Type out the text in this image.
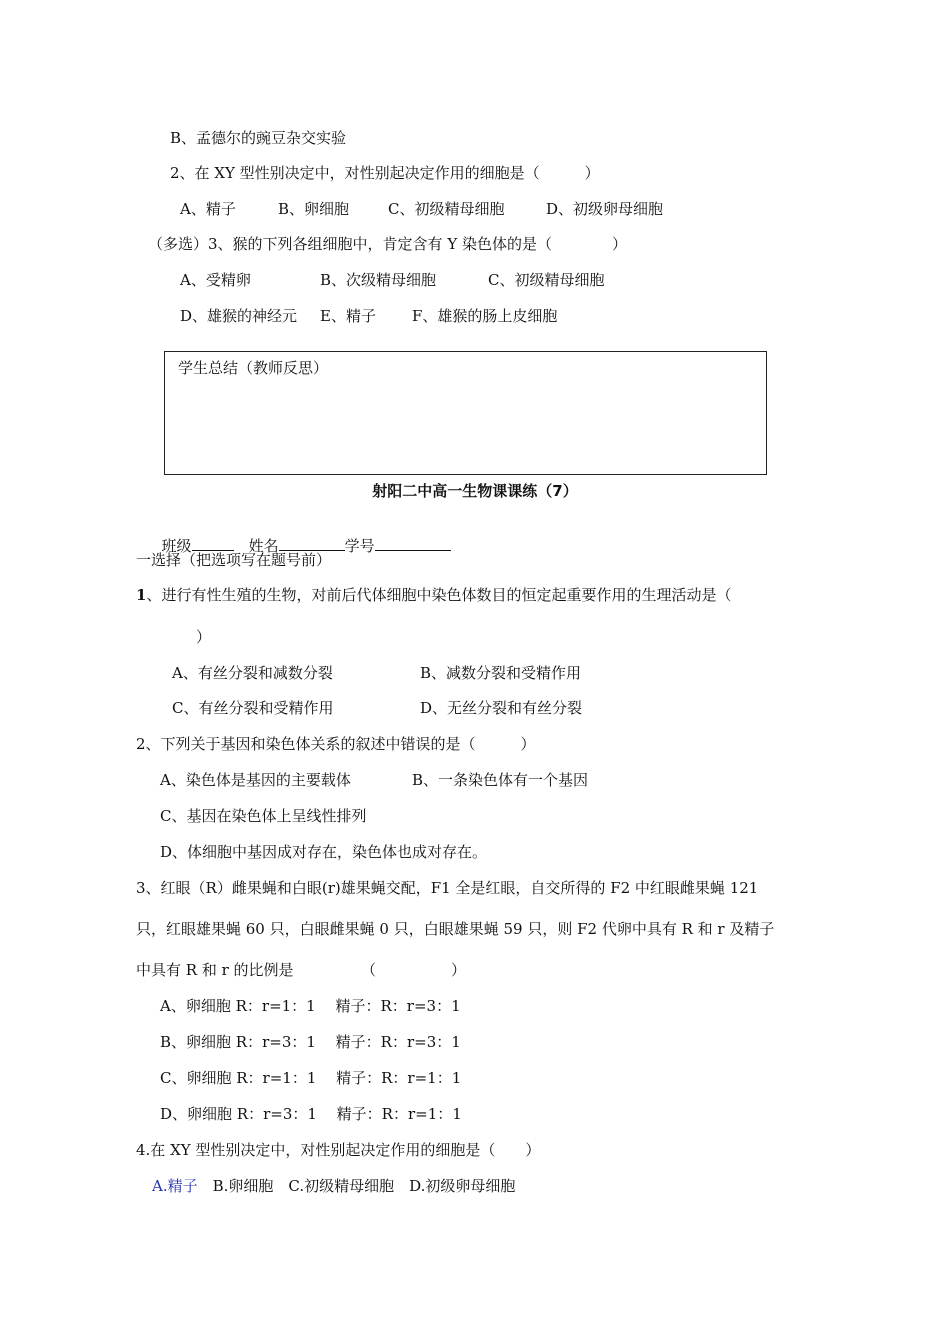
B、孟德尔的豌豆杂交实验
2、在 XY 型性别决定中，对性别起决定作用的细胞是（　　　）
A、精子	B、卵细胞	C、初级精母细胞	D、初级卵母细胞
（多选）3、猴的下列各组细胞中，肯定含有 Y 染色体的是（　　　　）
A、受精卵	B、次级精母细胞	C、初级精母细胞
D、雄猴的神经元 E、精子 F、雄猴的肠上皮细胞
学生总结（教师反思）
射阳二中高一生物课课练（7）

班级　	姓名	学号

一选择（把选项写在题号前）
1、进行有性生殖的生物，对前后代体细胞中染色体数目的恒定起重要作用的生理活动是（
）
A、有丝分裂和减数分裂	B、减数分裂和受精作用
C、有丝分裂和受精作用	D、无丝分裂和有丝分裂
2、下列关于基因和染色体关系的叙述中错误的是（　　　）
A、染色体是基因的主要载体	B、一条染色体有一个基因
C、基因在染色体上呈线性排列
D、体细胞中基因成对存在，染色体也成对存在。
3、红眼（R）雌果蝇和白眼(r)雄果蝇交配，F1 全是红眼，自交所得的 F2 中红眼雌果蝇 121
只，红眼雄果蝇 60 只，白眼雌果蝇 0 只，白眼雄果蝇 59 只，则 F2 代卵中具有 R 和 r 及精子
中具有 R 和 r 的比例是　　　　　（　　　　　）
A、卵细胞 R：r=1：1　 精子：R：r=3：1
B、卵细胞 R：r=3：1　 精子：R：r=3：1
C、卵细胞 R：r=1：1　 精子：R：r=1：1
D、卵细胞 R：r=3：1　 精子：R：r=1：1
4.在 XY 型性别决定中，对性别起决定作用的细胞是（　　）
A.精子　 B.卵细胞　C.初级精母细胞　D.初级卵母细胞
